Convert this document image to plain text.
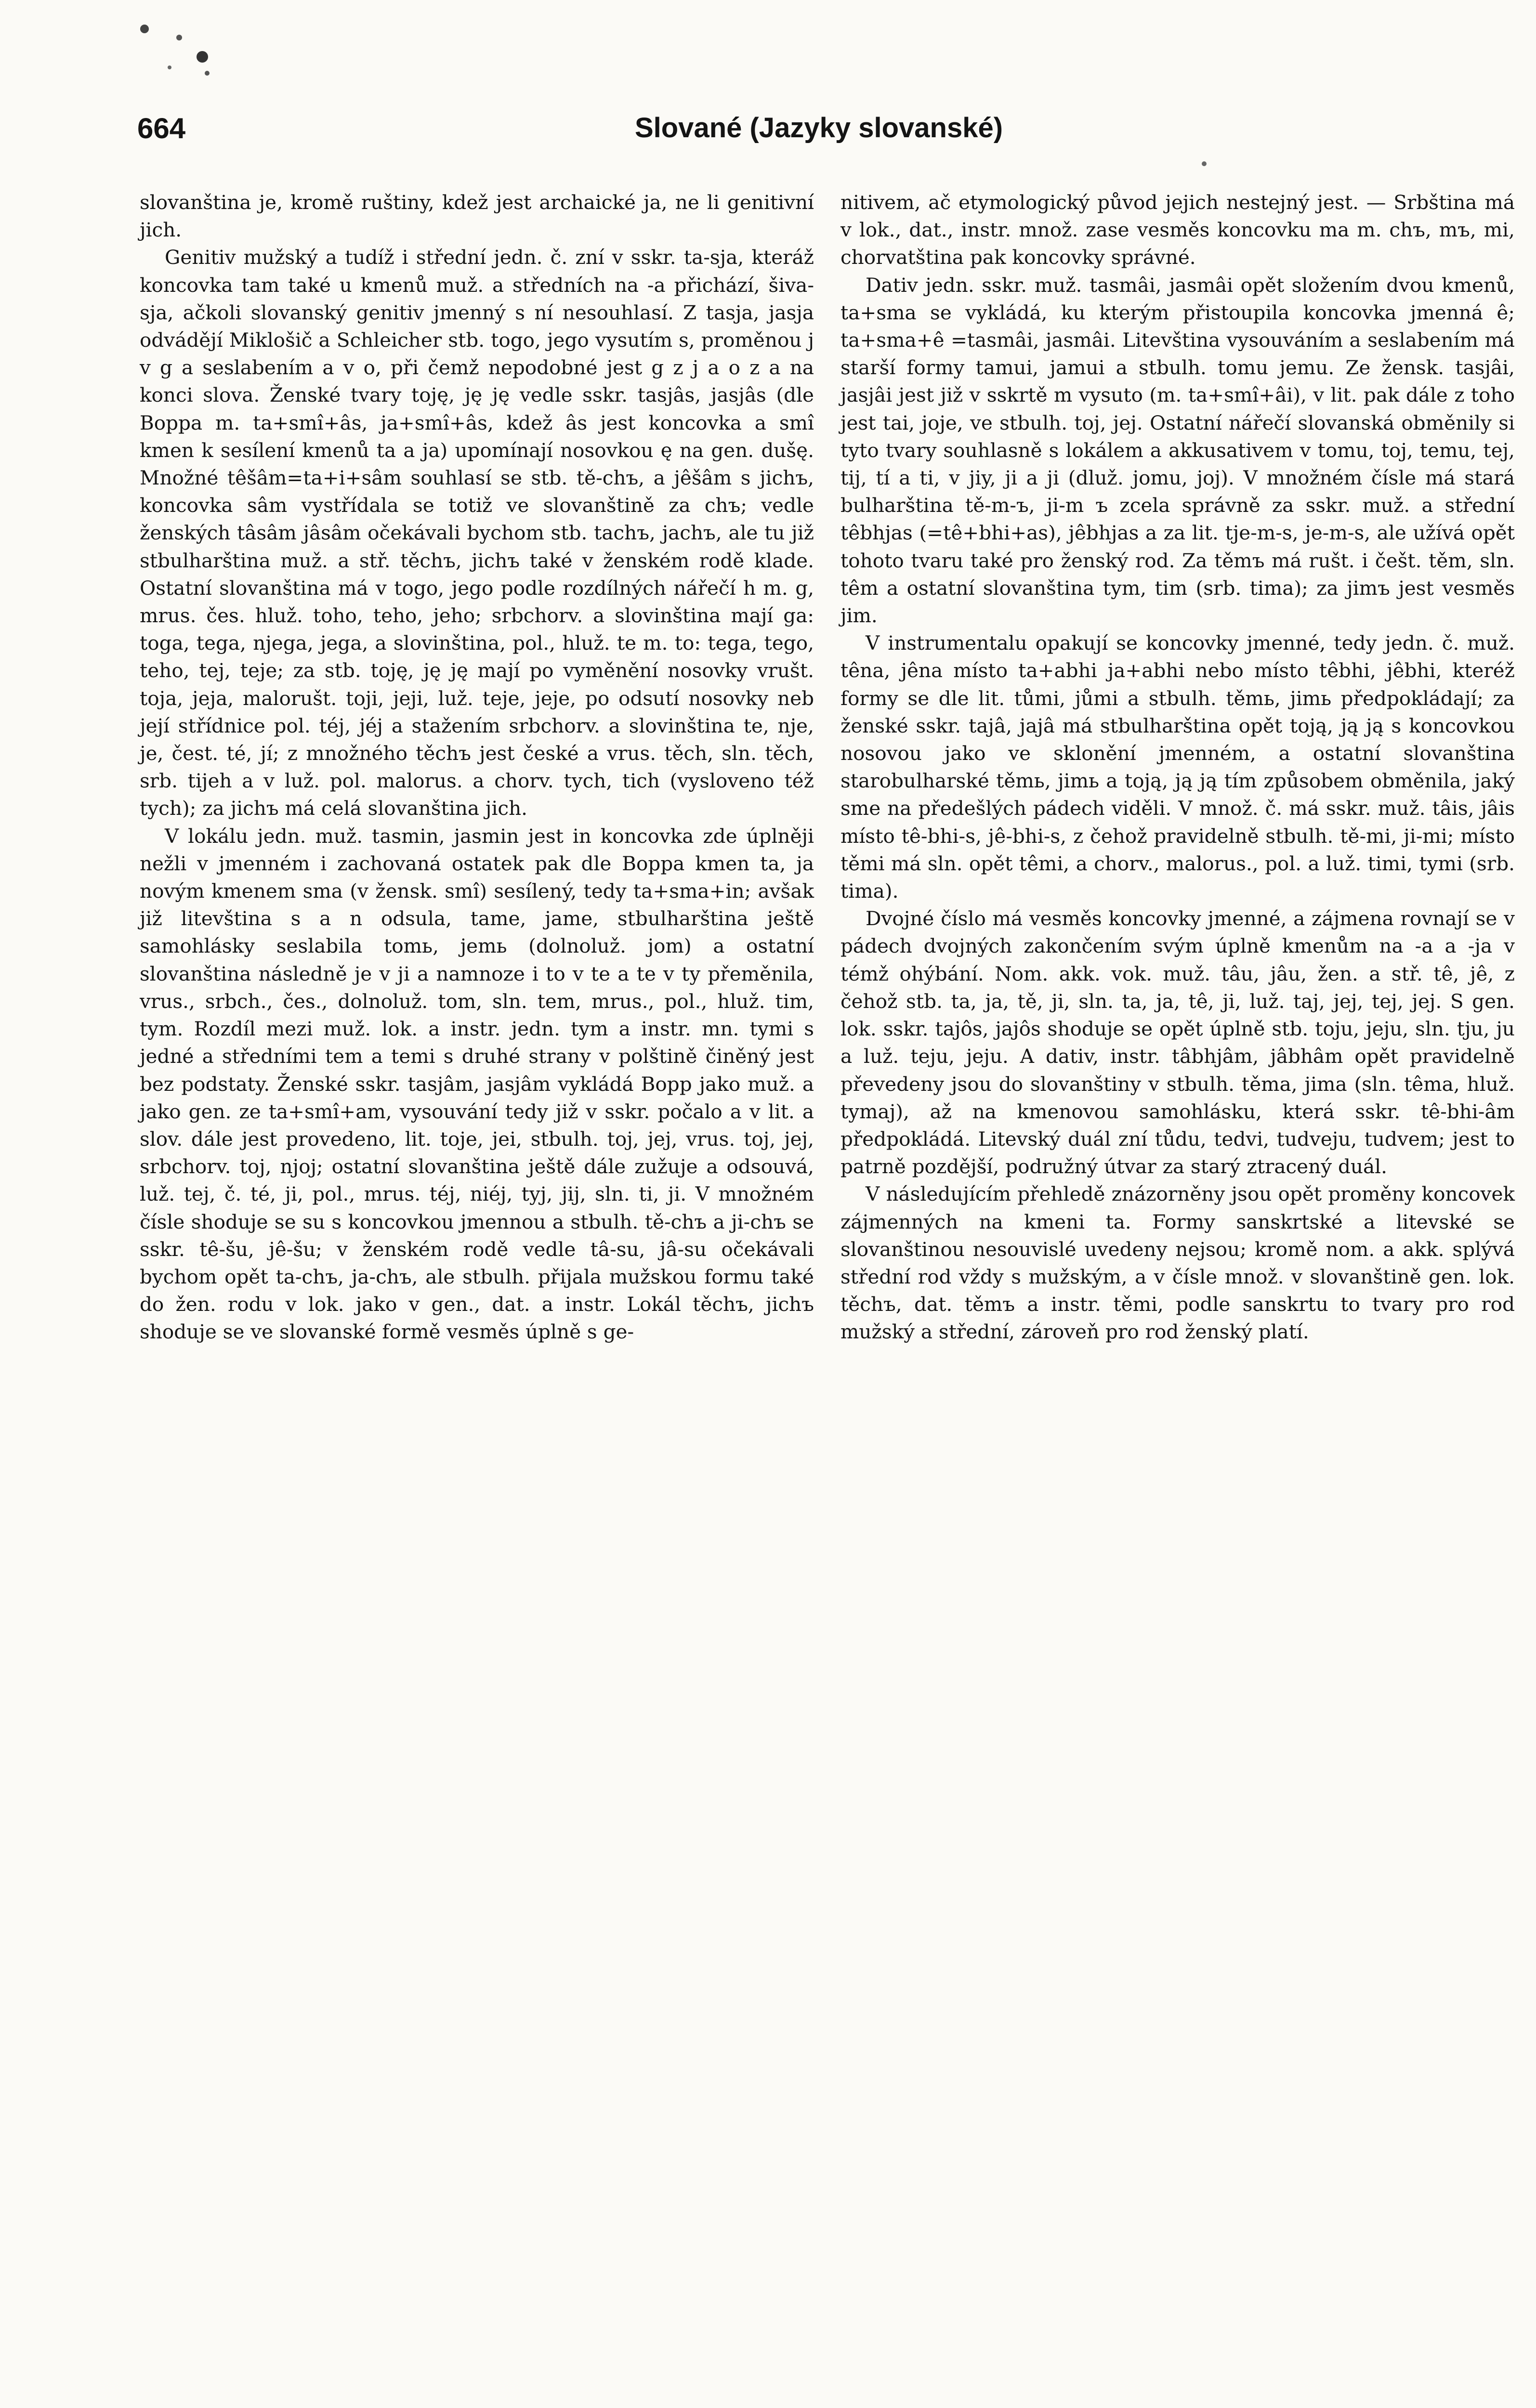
664	Slované (Jazyky slovanské)

slovanština je, kromě ruštiny, kdež jest archaické ja, ne li genitivní jich.

Genitiv mužský a tudíž i střední jedn. č. zní v sskr. ta-sja, kteráž koncovka tam také u kmenů muž. a středních na -a přichází, šiva-sja, ačkoli slovanský genitiv jmenný s ní nesouhlasí. Z tasja, jasja odvádějí Miklošič a Schleicher stb. togo, jego vysutím s, proměnou j v g a seslabením a v o, při čemž nepodobné jest g z j a o z a na konci slova. Ženské tvary toję, ję ję vedle sskr. tasjâs, jasjâs (dle Boppa m. ta+smî+âs, ja+smî+âs, kdež âs jest koncovka a smî kmen k sesílení kmenů ta a ja) upomínají nosovkou ę na gen. dušę. Množné têšâm=ta+i+sâm souhlasí se stb. tě-chъ, a jêšâm s jichъ, koncovka sâm vystřídala se totiž ve slovanštině za chъ; vedle ženských tâsâm jâsâm očekávali bychom stb. tachъ, jachъ, ale tu již stbulharština muž. a stř. těchъ, jichъ také v ženském rodě klade. Ostatní slovanština má v togo, jego podle rozdílných nářečí h m. g, mrus. čes. hluž. toho, teho, jeho; srbchorv. a slovinština mají ga: toga, tega, njega, jega, a slovinština, pol., hluž. te m. to: tega, tego, teho, tej, teje; za stb. toję, ję ję mají po vyměnění nosovky vrušt. toja, jeja, malorušt. toji, jeji, luž. teje, jeje, po odsutí nosovky neb její střídnice pol. téj, jéj a stažením srbchorv. a slovinština te, nje, je, čest. té, jí; z množného těchъ jest české a vrus. těch, sln. těch, srb. tijeh a v luž. pol. malorus. a chorv. tych, tich (vysloveno též tych); za jichъ má celá slovanština jich.

V lokálu jedn. muž. tasmin, jasmin jest in koncovka zde úplněji nežli v jmenném i zachovaná ostatek pak dle Boppa kmen ta, ja novým kmenem sma (v žensk. smî) sesílený, tedy ta+sma+in; avšak již litevština s a n odsula, tame, jame, stbulharština ještě samohlásky seslabila tomь, jemь (dolnoluž. jom) a ostatní slovanština následně je v ji a namnoze i to v te a te v ty přeměnila, vrus., srbch., čes., dolnoluž. tom, sln. tem, mrus., pol., hluž. tim, tym. Rozdíl mezi muž. lok. a instr. jedn. tym a instr. mn. tymi s jedné a středními tem a temi s druhé strany v polštině činěný jest bez podstaty. Ženské sskr. tasjâm, jasjâm vykládá Bopp jako muž. a jako gen. ze ta+smî+am, vysouvání tedy již v sskr. počalo a v lit. a slov. dále jest provedeno, lit. toje, jei, stbulh. toj, jej, vrus. toj, jej, srbchorv. toj, njoj; ostatní slovanština ještě dále zužuje a odsouvá, luž. tej, č. té, ji, pol., mrus. téj, niéj, tyj, jij, sln. ti, ji. V množném čísle shoduje se su s koncovkou jmennou a stbulh. tě-chъ a ji-chъ se sskr. tê-šu, jê-šu; v ženském rodě vedle tâ-su, jâ-su očekávali bychom opět ta-chъ, ja-chъ, ale stbulh. přijala mužskou formu také do žen. rodu v lok. jako v gen., dat. a instr. Lokál těchъ, jichъ shoduje se ve slovanské formě vesměs úplně s ge-

nitivem, ač etymologický původ jejich nestejný jest. — Srbština má v lok., dat., instr. množ. zase vesměs koncovku ma m. chъ, mъ, mi, chorvatština pak koncovky správné.

Dativ jedn. sskr. muž. tasmâi, jasmâi opět složením dvou kmenů, ta+sma se vykládá, ku kterým přistoupila koncovka jmenná ê; ta+sma+ê =tasmâi, jasmâi. Litevština vysouváním a seslabením má starší formy tamui, jamui a stbulh. tomu jemu. Ze žensk. tasjâi, jasjâi jest již v sskrtě m vysuto (m. ta+smî+âi), v lit. pak dále z toho jest tai, joje, ve stbulh. toj, jej. Ostatní nářečí slovanská obměnily si tyto tvary souhlasně s lokálem a akkusativem v tomu, toj, temu, tej, tij, tí a ti, v jiy, ji a ji (dluž. jomu, joj). V množném čísle má stará bulharština tě-m-ъ, ji-m ъ zcela správně za sskr. muž. a střední têbhjas (=tê+bhi+as), jêbhjas a za lit. tje-m-s, je-m-s, ale užívá opět tohoto tvaru také pro ženský rod. Za těmъ má rušt. i češt. těm, sln. têm a ostatní slovanština tym, tim (srb. tima); za jimъ jest vesměs jim.

V instrumentalu opakují se koncovky jmenné, tedy jedn. č. muž. têna, jêna místo ta+abhi ja+abhi nebo místo têbhi, jêbhi, kteréž formy se dle lit. tůmi, jůmi a stbulh. těmь, jimь předpokládají; za ženské sskr. tajâ, jajâ má stbulharština opět toją, ją ją s koncovkou nosovou jako ve sklonění jmenném, a ostatní slovanština starobulharské těmь, jimь a toją, ją ją tím způsobem obměnila, jaký sme na předešlých pádech viděli. V množ. č. má sskr. muž. tâis, jâis místo tê-bhi-s, jê-bhi-s, z čehož pravidelně stbulh. tě-mi, ji-mi; místo těmi má sln. opět têmi, a chorv., malorus., pol. a luž. timi, tymi (srb. tima).

Dvojné číslo má vesměs koncovky jmenné, a zájmena rovnají se v pádech dvojných zakončením svým úplně kmenům na -a a -ja v témž ohýbání. Nom. akk. vok. muž. tâu, jâu, žen. a stř. tê, jê, z čehož stb. ta, ja, tě, ji, sln. ta, ja, tê, ji, luž. taj, jej, tej, jej. S gen. lok. sskr. tajôs, jajôs shoduje se opět úplně stb. toju, jeju, sln. tju, ju a luž. teju, jeju. A dativ, instr. tâbhjâm, jâbhâm opět pravidelně převedeny jsou do slovanštiny v stbulh. těma, jima (sln. têma, hluž. tymaj), až na kmenovou samohlásku, která sskr. tê-bhi-âm předpokládá. Litevský duál zní tůdu, tedvi, tudveju, tudvem; jest to patrně pozdější, podružný útvar za starý ztracený duál.

V následujícím přehledě znázorněny jsou opět proměny koncovek zájmenných na kmeni ta. Formy sanskrtské a litevské se slovanštinou nesouvislé uvedeny nejsou; kromě nom. a akk. splývá střední rod vždy s mužským, a v čísle množ. v slovanštině gen. lok. těchъ, dat. těmъ a instr. těmi, podle sanskrtu to tvary pro rod mužský a střední, zároveň pro rod ženský platí.
